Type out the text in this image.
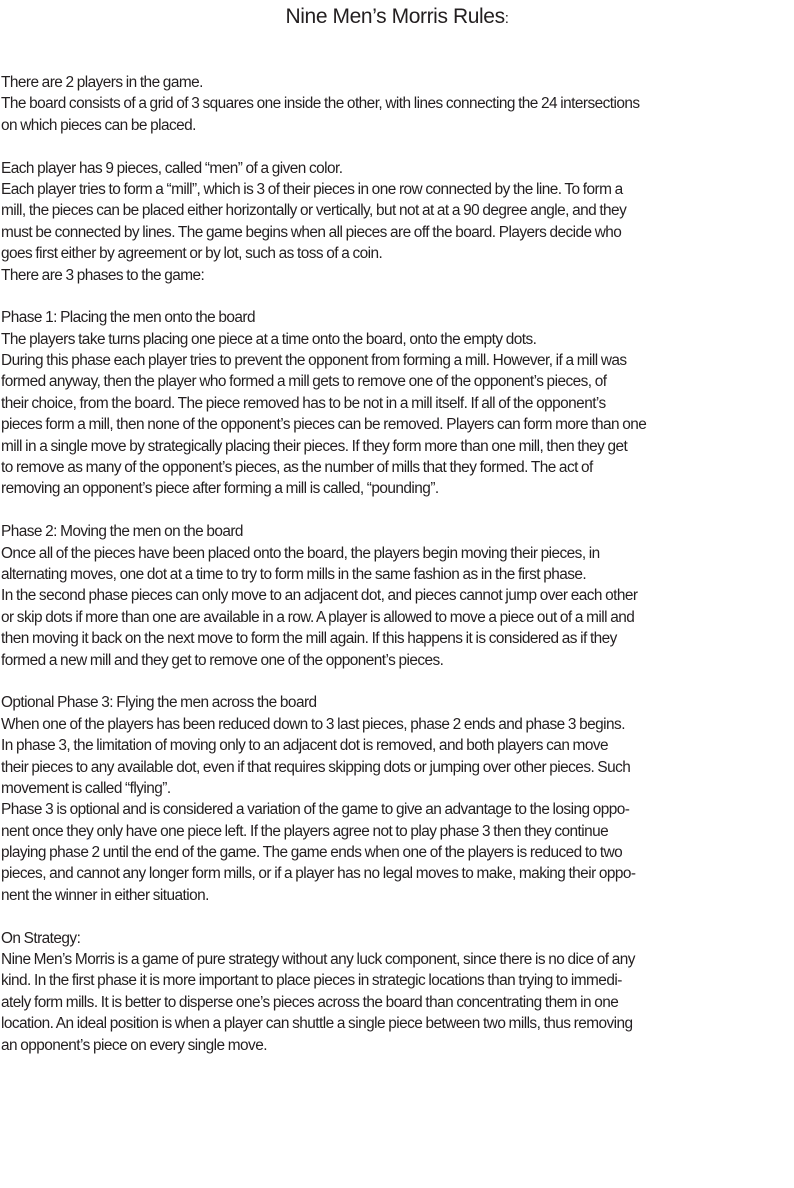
Nine Men’s Morris Rules:
There are 2 players in the game.
The board consists of a grid of 3 squares one inside the other, with lines connecting the 24 intersections
on which pieces can be placed.
Each player has 9 pieces, called “men” of a given color.
Each player tries to form a “mill”, which is 3 of their pieces in one row connected by the line. To form a
mill, the pieces can be placed either horizontally or vertically, but not at at a 90 degree angle, and they
must be connected by lines. The game begins when all pieces are off the board. Players decide who
goes first either by agreement or by lot, such as toss of a coin.
There are 3 phases to the game:
Phase 1: Placing the men onto the board
The players take turns placing one piece at a time onto the board, onto the empty dots.
During this phase each player tries to prevent the opponent from forming a mill. However, if a mill was
formed anyway, then the player who formed a mill gets to remove one of the opponent’s pieces, of
their choice, from the board. The piece removed has to be not in a mill itself. If all of the opponent’s
pieces form a mill, then none of the opponent’s pieces can be removed. Players can form more than one
mill in a single move by strategically placing their pieces. If they form more than one mill, then they get
to remove as many of the opponent’s pieces, as the number of mills that they formed. The act of
removing an opponent’s piece after forming a mill is called, “pounding”.
Phase 2: Moving the men on the board
Once all of the pieces have been placed onto the board, the players begin moving their pieces, in
alternating moves, one dot at a time to try to form mills in the same fashion as in the first phase.
In the second phase pieces can only move to an adjacent dot, and pieces cannot jump over each other
or skip dots if more than one are available in a row. A player is allowed to move a piece out of a mill and
then moving it back on the next move to form the mill again. If this happens it is considered as if they
formed a new mill and they get to remove one of the opponent’s pieces.
Optional Phase 3: Flying the men across the board
When one of the players has been reduced down to 3 last pieces, phase 2 ends and phase 3 begins.
In phase 3, the limitation of moving only to an adjacent dot is removed, and both players can move
their pieces to any available dot, even if that requires skipping dots or jumping over other pieces. Such
movement is called “flying”.
Phase 3 is optional and is considered a variation of the game to give an advantage to the losing oppo-
nent once they only have one piece left. If the players agree not to play phase 3 then they continue
playing phase 2 until the end of the game. The game ends when one of the players is reduced to two
pieces, and cannot any longer form mills, or if a player has no legal moves to make, making their oppo-
nent the winner in either situation.
On Strategy:
Nine Men’s Morris is a game of pure strategy without any luck component, since there is no dice of any
kind. In the first phase it is more important to place pieces in strategic locations than trying to immedi-
ately form mills. It is better to disperse one’s pieces across the board than concentrating them in one
location. An ideal position is when a player can shuttle a single piece between two mills, thus removing
an opponent’s piece on every single move.
